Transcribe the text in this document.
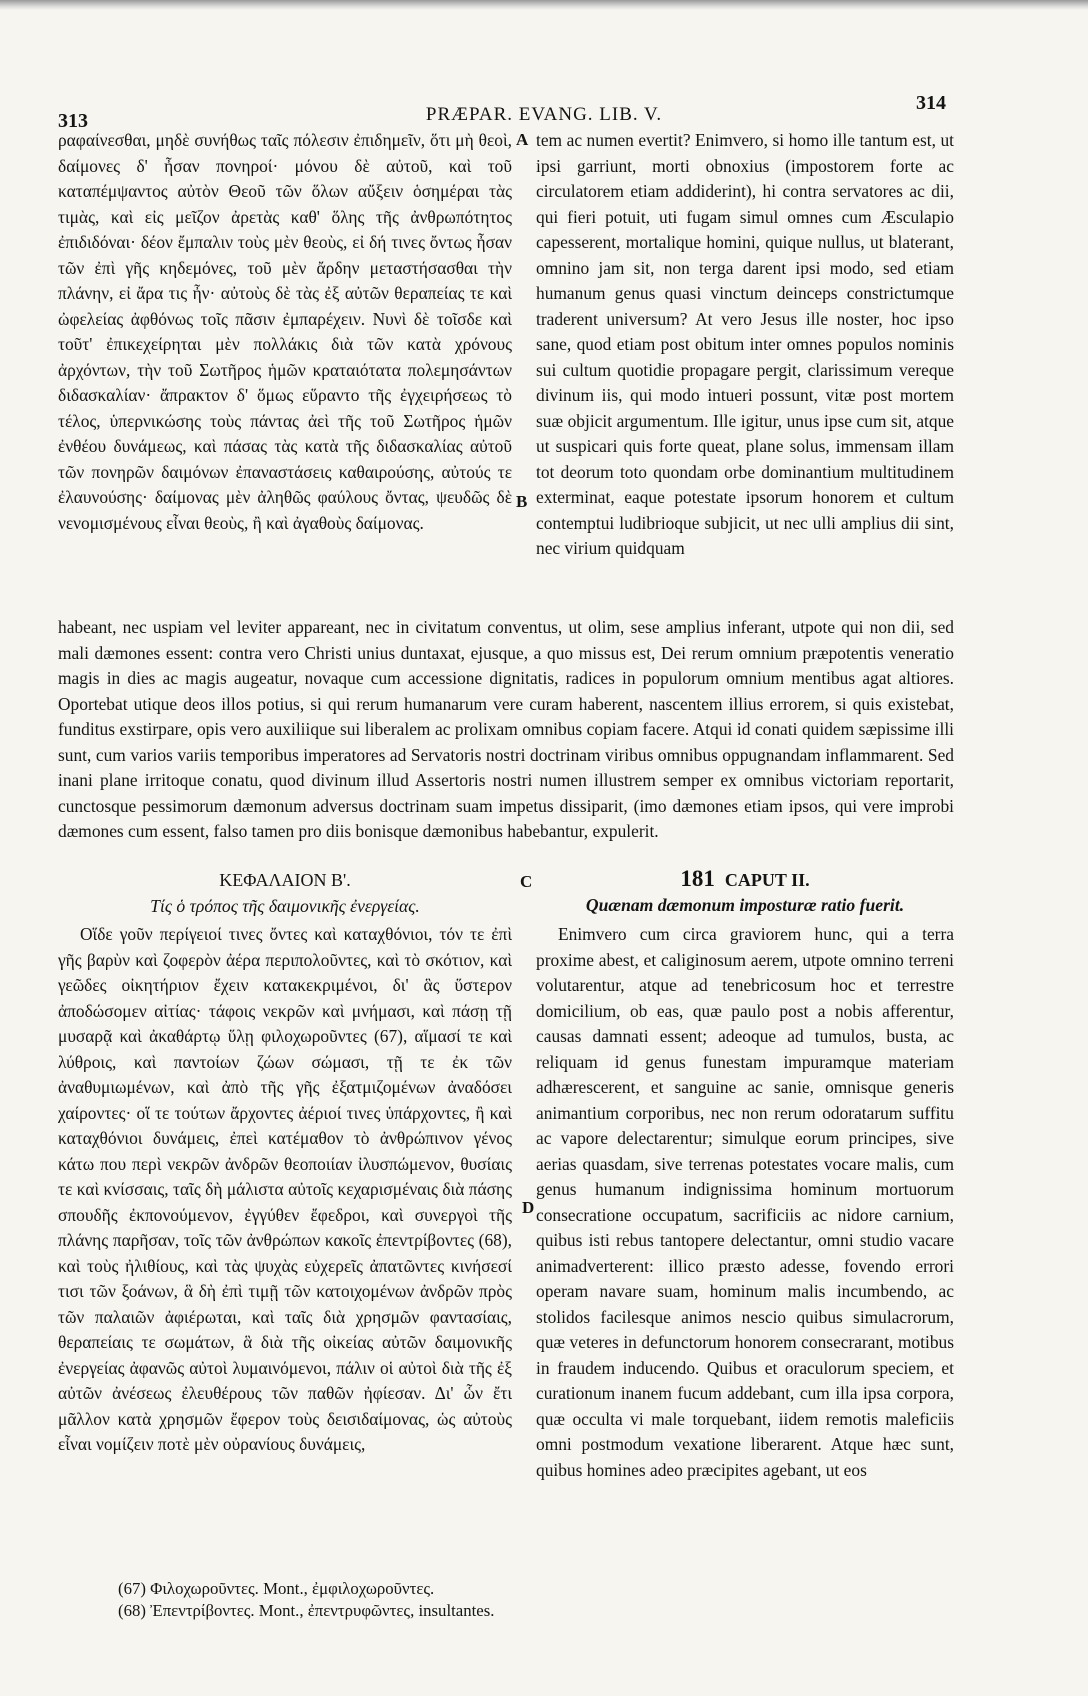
313	PRÆPAR. EVANG. LIB. V.
314

ραφαίνεσθαι, μηδὲ συνήθως ταῖς πόλεσιν ἐπιδημεῖν, ὅτι μὴ θεοὶ, δαίμονες δ' ἦσαν πονηροί· μόνου δὲ αὐτοῦ, καὶ τοῦ καταπέμψαντος αὐτὸν Θεοῦ τῶν ὅλων αὔξειν ὁσημέραι τὰς τιμὰς, καὶ εἰς μεῖζον ἀρετὰς καθ' ὅλης τῆς ἀνθρωπότητος ἐπιδιδόναι· δέον ἔμπαλιν τοὺς μὲν θεοὺς, εἰ δή τινες ὄντως ἦσαν τῶν ἐπὶ γῆς κηδεμόνες, τοῦ μὲν ἄρδην μεταστήσασθαι τὴν πλάνην, εἰ ἄρα τις ἦν· αὐτοὺς δὲ τὰς ἐξ αὐτῶν θεραπείας τε καὶ ὠφελείας ἀφθόνως τοῖς πᾶσιν ἐμπαρέχειν. Νυνὶ δὲ τοῖσδε καὶ τοῦτ' ἐπικεχείρηται μὲν πολλάκις διὰ τῶν κατὰ χρόνους ἀρχόντων, τὴν τοῦ Σωτῆρος ἡμῶν κραταιότατα πολεμησάντων διδασκαλίαν· ἄπρακτον δ' ὅμως εὕραντο τῆς ἐγχειρήσεως τὸ τέλος, ὑπερνικώσης τοὺς πάντας ἀεὶ τῆς τοῦ Σωτῆρος ἡμῶν ἐνθέου δυνάμεως, καὶ πάσας τὰς κατὰ τῆς διδασκαλίας αὐτοῦ τῶν πονηρῶν δαιμόνων ἐπαναστάσεις καθαιρούσης, αὐτούς τε ἐλαυνούσης· δαίμονας μὲν ἀληθῶς φαύλους ὄντας, ψευδῶς δὲ νενομισμένους εἶναι θεοὺς, ἢ καὶ ἀγαθοὺς δαίμονας.

A
B

tem ac numen evertit? Enimvero, si homo ille tantum est, ut ipsi garriunt, morti obnoxius (impostorem forte ac circulatorem etiam addiderint), hi contra servatores ac dii, qui fieri potuit, uti fugam simul omnes cum Æsculapio capesserent, mortalique homini, quique nullus, ut blaterant, omnino jam sit, non terga darent ipsi modo, sed etiam humanum genus quasi vinctum deinceps constrictumque traderent universum? At vero Jesus ille noster, hoc ipso sane, quod etiam post obitum inter omnes populos nominis sui cultum quotidie propagare pergit, clarissimum vereque divinum iis, qui modo intueri possunt, vitæ post mortem suæ objicit argumentum. Ille igitur, unus ipse cum sit, atque ut suspicari quis forte queat, plane solus, immensam illam tot deorum toto quondam orbe dominantium multitudinem exterminat, eaque potestate ipsorum honorem et cultum contemptui ludibrioque subjicit, ut nec ulli amplius dii sint, nec virium quidquam

habeant, nec uspiam vel leviter appareant, nec in civitatum conventus, ut olim, sese amplius inferant, utpote qui non dii, sed mali dæmones essent: contra vero Christi unius duntaxat, ejusque, a quo missus est, Dei rerum omnium præpotentis veneratio magis in dies ac magis augeatur, novaque cum accessione dignitatis, radices in populorum omnium mentibus agat altiores. Oportebat utique deos illos potius, si qui rerum humanarum vere curam haberent, nascentem illius errorem, si quis existebat, funditus exstirpare, opis vero auxiliique sui liberalem ac prolixam omnibus copiam facere. Atqui id conati quidem sæpissime illi sunt, cum varios variis temporibus imperatores ad Servatoris nostri doctrinam viribus omnibus oppugnandam inflammarent. Sed inani plane irritoque conatu, quod divinum illud Assertoris nostri numen illustrem semper ex omnibus victoriam reportarit, cunctosque pessimorum dæmonum adversus doctrinam suam impetus dissiparit, (imo dæmones etiam ipsos, qui vere improbi dæmones cum essent, falso tamen pro diis bonisque dæmonibus habebantur, expulerit.

ΚΕΦΑΛΑΙΟΝ Β'.	C	181 CAPUT II.
Τίς ὁ τρόπος τῆς δαιμονικῆς ἐνεργείας.	Quænam dæmonum imposturæ ratio fuerit.

Οἵδε γοῦν περίγειοί τινες ὄντες καὶ καταχθόνιοι, τόν τε ἐπὶ γῆς βαρὺν καὶ ζοφερὸν ἀέρα περιπολοῦντες, καὶ τὸ σκότιον, καὶ γεῶδες οἰκητήριον ἔχειν κατακεκριμένοι, δι' ἃς ὕστερον ἀποδώσομεν αἰτίας· τάφοις νεκρῶν καὶ μνήμασι, καὶ πάσῃ τῇ μυσαρᾷ καὶ ἀκαθάρτῳ ὕλῃ φιλοχωροῦντες (67), αἵμασί τε καὶ λύθροις, καὶ παντοίων ζώων σώμασι, τῇ τε ἐκ τῶν ἀναθυμιωμένων, καὶ ἀπὸ τῆς γῆς ἐξατμιζομένων ἀναδόσει χαίροντες· οἵ τε τούτων ἄρχοντες ἀέριοί τινες ὑπάρχοντες, ἢ καὶ καταχθόνιοι δυνάμεις, ἐπεὶ κατέμαθον τὸ ἀνθρώπινον γένος κάτω που περὶ νεκρῶν ἀνδρῶν θεοποιίαν ἰλυσπώμενον, θυσίαις τε καὶ κνίσσαις, ταῖς δὴ μάλιστα αὐτοῖς κεχαρισμέναις διὰ πάσης σπουδῆς ἐκπονούμενον, ἐγγύθεν ἔφεδροι, καὶ συνεργοὶ τῆς πλάνης παρῆσαν, τοῖς τῶν ἀνθρώπων κακοῖς ἐπεντρίβοντες (68), καὶ τοὺς ἠλιθίους, καὶ τὰς ψυχὰς εὐχερεῖς ἀπατῶντες κινήσεσί τισι τῶν ξοάνων, ἃ δὴ ἐπὶ τιμῇ τῶν κατοιχομένων ἀνδρῶν πρὸς τῶν παλαιῶν ἀφιέρωται, καὶ ταῖς διὰ χρησμῶν φαντασίαις, θεραπείαις τε σωμάτων, ἃ διὰ τῆς οἰκείας αὐτῶν δαιμονικῆς ἐνεργείας ἀφανῶς αὐτοὶ λυμαινόμενοι, πάλιν οἱ αὐτοὶ διὰ τῆς ἐξ αὐτῶν ἀνέσεως ἐλευθέρους τῶν παθῶν ἠφίεσαν. Δι' ὧν ἔτι μᾶλλον κατὰ χρησμῶν ἔφερον τοὺς δεισιδαίμονας, ὡς αὐτοὺς εἶναι νομίζειν ποτὲ μὲν οὐρανίους δυνάμεις,

D

Enimvero cum circa graviorem hunc, qui a terra proxime abest, et caliginosum aerem, utpote omnino terreni volutarentur, atque ad tenebricosum hoc et terrestre domicilium, ob eas, quæ paulo post a nobis afferentur, causas damnati essent; adeoque ad tumulos, busta, ac reliquam id genus funestam impuramque materiam adhærescerent, et sanguine ac sanie, omnisque generis animantium corporibus, nec non rerum odoratarum suffitu ac vapore delectarentur; simulque eorum principes, sive aerias quasdam, sive terrenas potestates vocare malis, cum genus humanum indignissima hominum mortuorum consecratione occupatum, sacrificiis ac nidore carnium, quibus isti rebus tantopere delectantur, omni studio vacare animadverterent: illico præsto adesse, fovendo errori operam navare suam, hominum malis incumbendo, ac stolidos facilesque animos nescio quibus simulacrorum, quæ veteres in defunctorum honorem consecrarant, motibus in fraudem inducendo. Quibus et oraculorum speciem, et curationum inanem fucum addebant, cum illa ipsa corpora, quæ occulta vi male torquebant, iidem remotis maleficiis omni postmodum vexatione liberarent. Atque hæc sunt, quibus homines adeo præcipites agebant, ut eos

(67) Φιλοχωροῦντες. Mont., ἐμφιλοχωροῦντες.
(68) Ἐπεντρίβοντες. Mont., ἐπεντρυφῶντες, insultantes.
